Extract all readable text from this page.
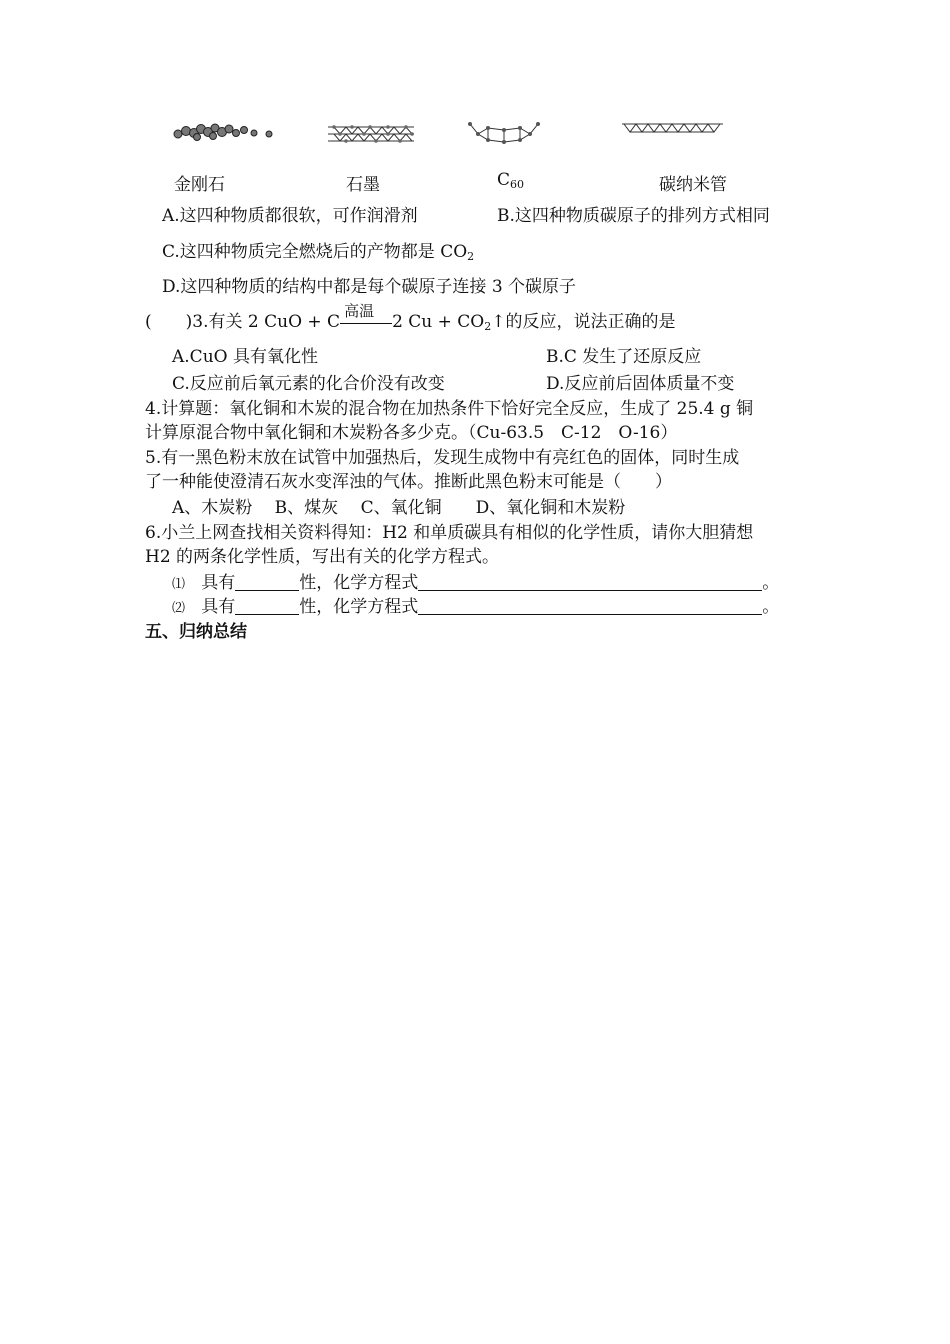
金刚石	石墨	$C_{60}$	碳纳米管
A.这四种物质都很软，可作润滑剂	B.这四种物质碳原子的排列方式相同
C.这四种物质完全燃烧后的产物都是 $CO_2$
D.这四种物质的结构中都是每个碳原子连接 3 个碳原子
(　　)3.有关 2 CuO + C
高温
2 $Cu + CO_2↑$的反应，说法正确的是
A.CuO 具有氧化性	B.C 发生了还原反应
C.反应前后氧元素的化合价没有改变	D.反应前后固体质量不变
4.计算题：氧化铜和木炭的混合物在加热条件下恰好完全反应，生成了 25.4 g 铜
计算原混合物中氧化铜和木炭粉各多少克。（Cu-63.5　C-12　O-16）
5.有一黑色粉末放在试管中加强热后，发现生成物中有亮红色的固体，同时生成
了一种能使澄清石灰水变浑浊的气体。推断此黑色粉末可能是（　　）
A、木炭粉　 B、煤灰　 C、氧化铜　　D、氧化铜和木炭粉
6.小兰上网查找相关资料得知：H2 和单质碳具有相似的化学性质，请你大胆猜想
H2 的两条化学性质，写出有关的化学方程式。
⑴ 具有	性，化学方程式	。
⑵ 具有	性，化学方程式	。
五、归纳总结
